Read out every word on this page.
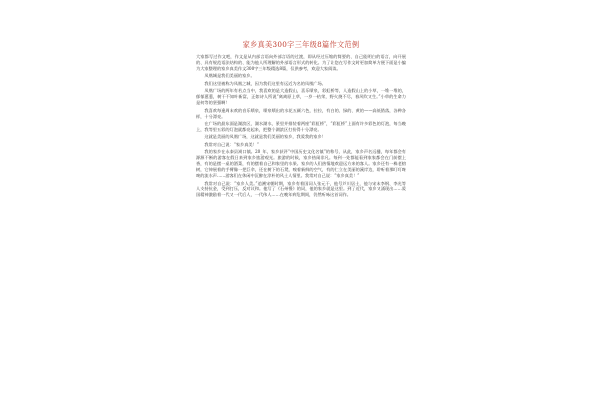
家乡真美300字三年级8篇作文范例
大家都写过作文吧，作文是从内部言语向外部言语的过渡，即从经过压缩的简要的、自己能明白的语言，向开展的、具有规范语法结构的、能为他人所理解的外部语言形式的转化。为了让您在写作文时更加简单方便下面是小编为大家整理的家乡真美作文300字三年级精选8篇，仅供参考，欢迎大家阅读。
凤凰城是我们美丽的家乡。
我们这里被称为凤凰之城，因为我们这里有远近为名的凤凰广场。
凤凰广场的两年有若点当中，我喜欢的是大造假山，喜乐喷泉，彩虹桥等，人造假山上的小草，一堆一堆的，郁郁葱葱，树干不知叶新富，正如诗人所说“离离原上草，一岁一枯荣，野火烧不尽，春风吹又生。”小草的生命力是何等的坚强啊！
我喜欢每逢周末欢的音乐喷泉，喷泉喷出的水花五颜六色，拉拉，有白的、绿的、黄的——高低错落，各种各样，十分漂亮。
在广场的最东面是湖滨区，湖水湖水，景里并排装着两座“彩虹桥”，“彩虹桥”上面有许多彩色的灯泡，每当晚上，我等里五彩的灯泡就都亮起来，把整个湖滨区打扮得十分漂亮。
这就是美丽的凤凰广场，这就是我们美丽的家乡，我爱我的家乡！
我常对自己说：“家乡真美！”
我的家乡在永泰县嵩口镇。20_年，家乡获评“中国历史文化名镇”的称号，从此，家乡声名远播，每年都会有源源不断的游客在假日来到家乡旅游观光。旅游的时候，家乡热闹非凡。每到一处都能看到家家都会在门前摆上香，有的是摆一桌的酒菜，有的摆着自己和家里的水果。家乡的人们热情地欢迎远方来的客人。家乡还有一株老榕树，它伸展着的手臂像一把巨伞，还在树下的石凳，嗅着新鲜的空气，有的仁立在美丽的溪岸边，聆听着那叮叮咚咚的流水声……游客们在休闲中沉醉在淳朴的风土人情里。我常对自己说：“家乡真美！”
我常对自己说：“家乡人美。”追溯宋朝时期，家乡有着国词人张元干，他号芦川居士，他与宋末李纲、李光等人支持抗金，受到打压，反对议和。他写了《石州慢》的词，他的家乡就是这里。到了近代，家乡又涌现出……爱国精神激励着一代又一代后人，一代伟人……在晚年病危期间，仍然听咏这首词作。
